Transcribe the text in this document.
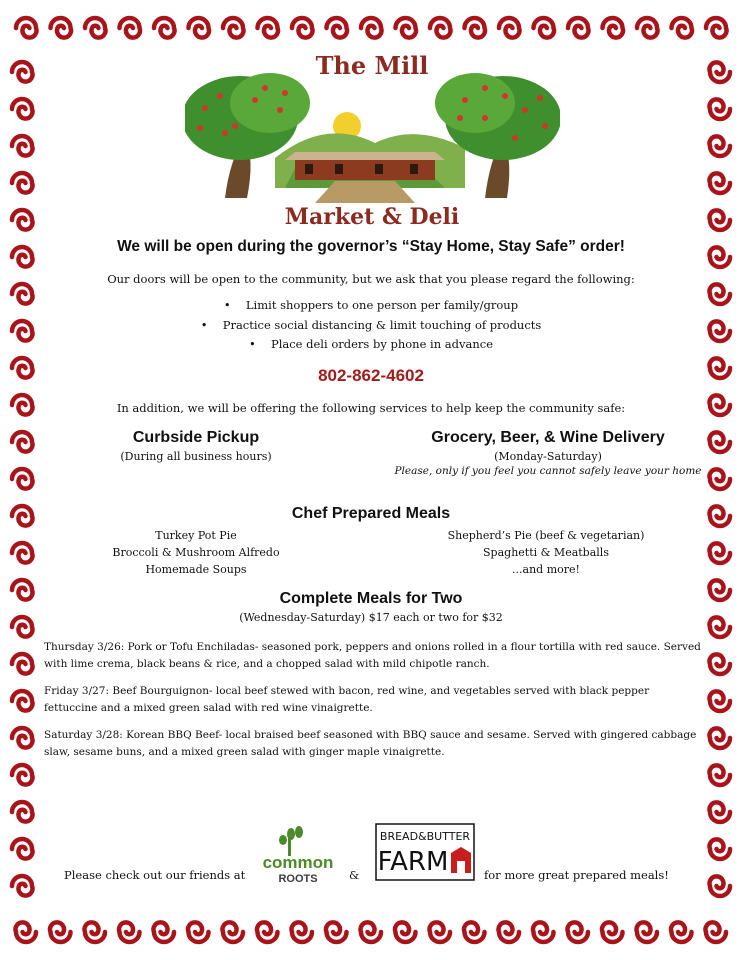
The Mill
Market & Deli
We will be open during the governor’s “Stay Home, Stay Safe” order!
Our doors will be open to the community, but we ask that you please regard the following:
• Limit shoppers to one person per family/group
• Practice social distancing & limit touching of products
• Place deli orders by phone in advance
802-862-4602
In addition, we will be offering the following services to help keep the community safe:
Curbside Pickup
(During all business hours)
Grocery, Beer, & Wine Delivery
(Monday-Saturday)
Please, only if you feel you cannot safely leave your home
Chef Prepared Meals
Turkey Pot Pie
Broccoli & Mushroom Alfredo
Homemade Soups
Shepherd’s Pie (beef & vegetarian)
Spaghetti & Meatballs
...and more!
Complete Meals for Two
(Wednesday-Saturday) $17 each or two for $32
Thursday 3/26: Pork or Tofu Enchiladas- seasoned pork, peppers and onions rolled in a flour tortilla with red sauce. Served with lime crema, black beans & rice, and a chopped salad with mild chipotle ranch.
Friday 3/27: Beef Bourguignon- local beef stewed with bacon, red wine, and vegetables served with black pepper fettuccine and a mixed green salad with red wine vinaigrette.
Saturday 3/28: Korean BBQ Beef- local braised beef seasoned with BBQ sauce and sesame. Served with gingered cabbage slaw, sesame buns, and a mixed green salad with ginger maple vinaigrette.
Please check out our friends at
common
ROOTS	&
BREAD&BUTTER
FARM	for more great prepared meals!
